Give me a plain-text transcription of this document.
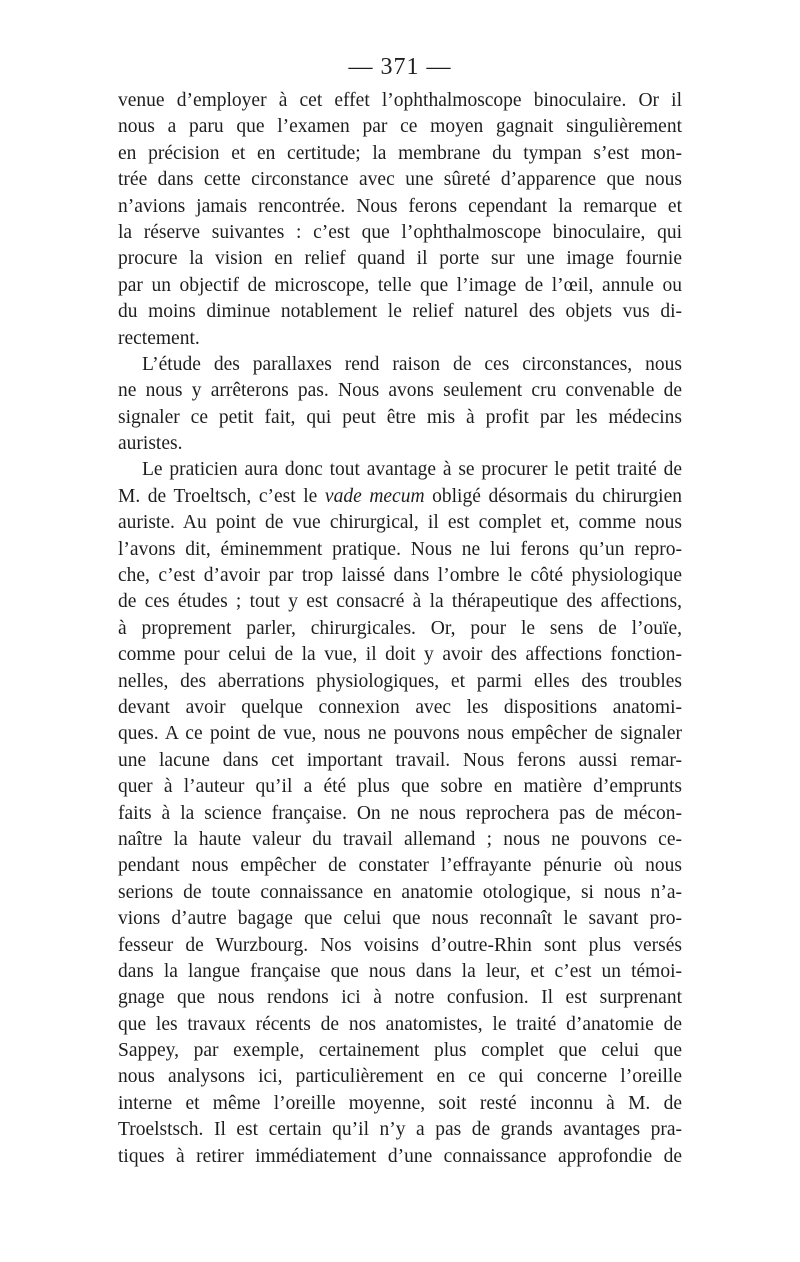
— 371 —
venue d’employer à cet effet l’ophthalmoscope binoculaire. Or il
nous a paru que l’examen par ce moyen gagnait singulièrement
en précision et en certitude; la membrane du tympan s’est mon-
trée dans cette circonstance avec une sûreté d’apparence que nous
n’avions jamais rencontrée. Nous ferons cependant la remarque et
la réserve suivantes : c’est que l’ophthalmoscope binoculaire, qui
procure la vision en relief quand il porte sur une image fournie
par un objectif de microscope, telle que l’image de l’œil, annule ou
du moins diminue notablement le relief naturel des objets vus di-
rectement.
L’étude des parallaxes rend raison de ces circonstances, nous
ne nous y arrêterons pas. Nous avons seulement cru convenable de
signaler ce petit fait, qui peut être mis à profit par les médecins
auristes.
Le praticien aura donc tout avantage à se procurer le petit traité de
M. de Troeltsch, c’est le vade mecum obligé désormais du chirurgien
auriste. Au point de vue chirurgical, il est complet et, comme nous
l’avons dit, éminemment pratique. Nous ne lui ferons qu’un repro-
che, c’est d’avoir par trop laissé dans l’ombre le côté physiologique
de ces études ; tout y est consacré à la thérapeutique des affections,
à proprement parler, chirurgicales. Or, pour le sens de l’ouïe,
comme pour celui de la vue, il doit y avoir des affections fonction-
nelles, des aberrations physiologiques, et parmi elles des troubles
devant avoir quelque connexion avec les dispositions anatomi-
ques. A ce point de vue, nous ne pouvons nous empêcher de signaler
une lacune dans cet important travail. Nous ferons aussi remar-
quer à l’auteur qu’il a été plus que sobre en matière d’emprunts
faits à la science française. On ne nous reprochera pas de mécon-
naître la haute valeur du travail allemand ; nous ne pouvons ce-
pendant nous empêcher de constater l’effrayante pénurie où nous
serions de toute connaissance en anatomie otologique, si nous n’a-
vions d’autre bagage que celui que nous reconnaît le savant pro-
fesseur de Wurzbourg. Nos voisins d’outre-Rhin sont plus versés
dans la langue française que nous dans la leur, et c’est un témoi-
gnage que nous rendons ici à notre confusion. Il est surprenant
que les travaux récents de nos anatomistes, le traité d’anatomie de
Sappey, par exemple, certainement plus complet que celui que
nous analysons ici, particulièrement en ce qui concerne l’oreille
interne et même l’oreille moyenne, soit resté inconnu à M. de
Troelstsch. Il est certain qu’il n’y a pas de grands avantages pra-
tiques à retirer immédiatement d’une connaissance approfondie de
